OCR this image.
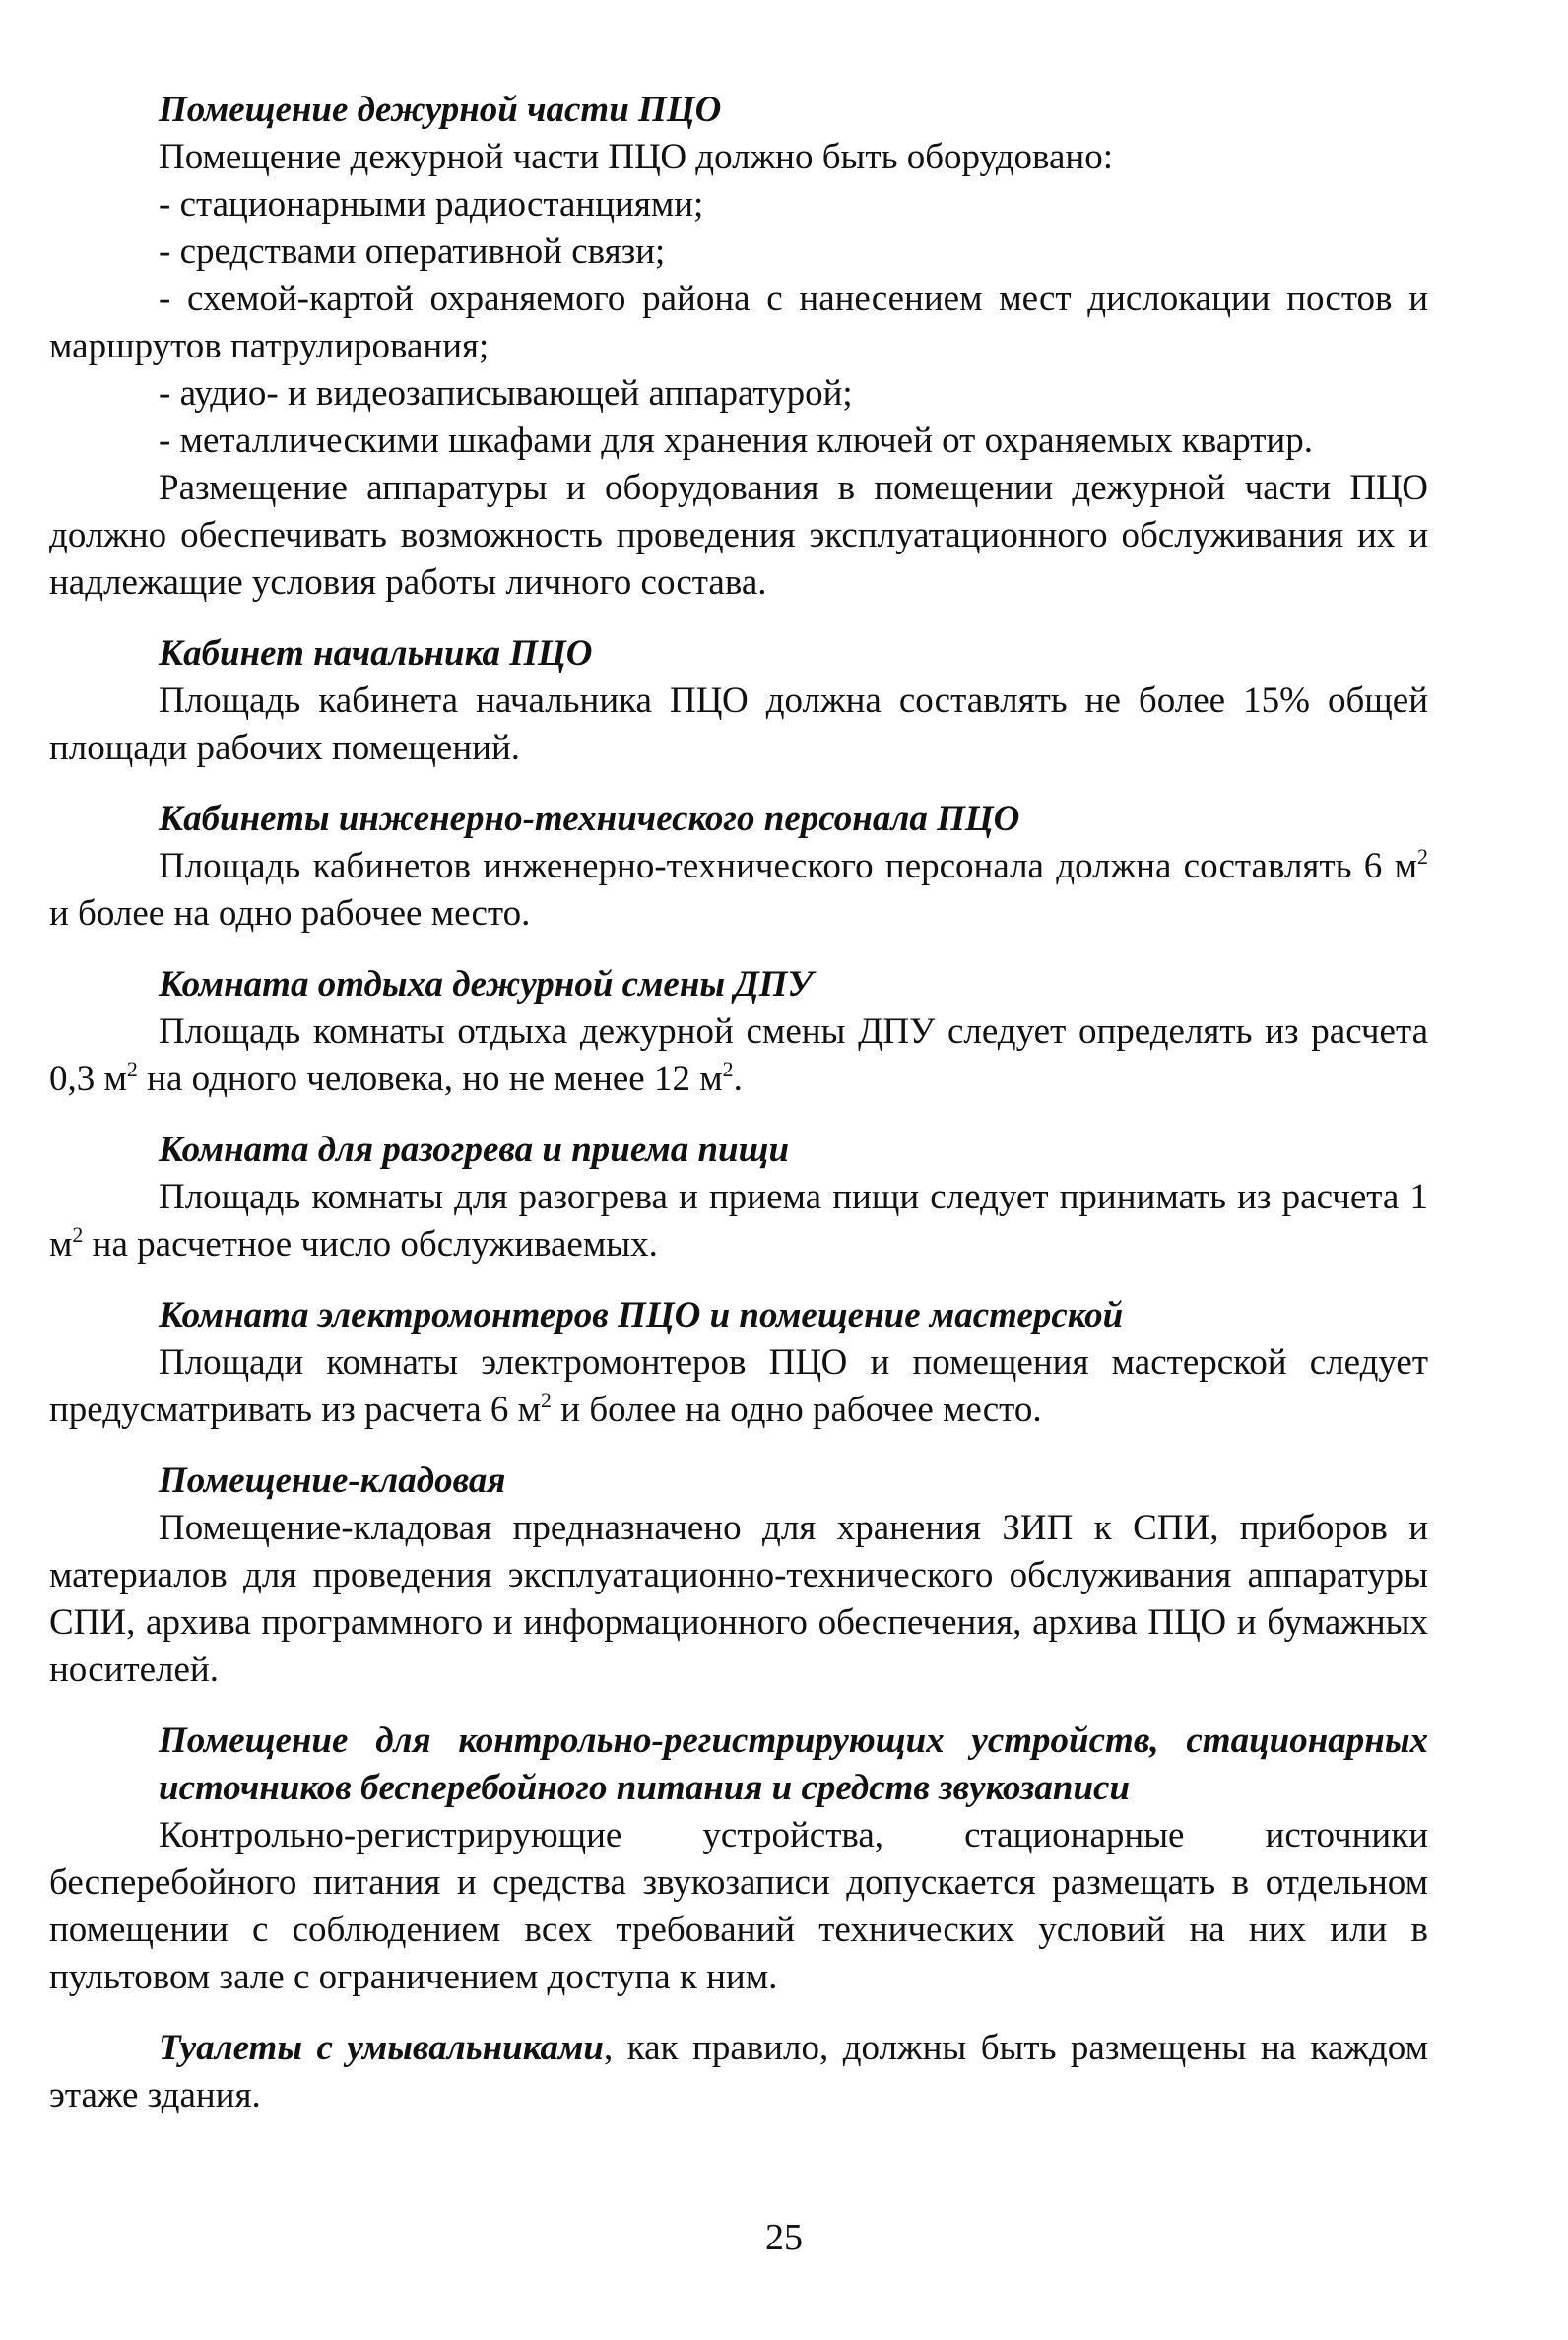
Помещение дежурной части ПЦО

Помещение дежурной части ПЦО должно быть оборудовано:

- стационарными радиостанциями;

- средствами оперативной связи;

- схемой-картой охраняемого района с нанесением мест дислокации постов и маршрутов патрулирования;

- аудио- и видеозаписывающей аппаратурой;

- металлическими шкафами для хранения ключей от охраняемых квартир.

Размещение аппаратуры и оборудования в помещении дежурной части ПЦО должно обеспечивать возможность проведения эксплуатационного обслуживания их и надлежащие условия работы личного состава.

Кабинет начальника ПЦО

Площадь кабинета начальника ПЦО должна составлять не более 15% общей площади рабочих помещений.

Кабинеты инженерно-технического персонала ПЦО

Площадь кабинетов инженерно-технического персонала должна составлять 6 $м^2$ и более на одно рабочее место.

Комната отдыха дежурной смены ДПУ

Площадь комнаты отдыха дежурной смены ДПУ следует определять из расчета 0,3 $м^2$ на одного человека, но не менее 12 $м^2$.

Комната для разогрева и приема пищи

Площадь комнаты для разогрева и приема пищи следует принимать из расчета 1 $м^2$ на расчетное число обслуживаемых.

Комната электромонтеров ПЦО и помещение мастерской

Площади комнаты электромонтеров ПЦО и помещения мастерской следует предусматривать из расчета 6 $м^2$ и более на одно рабочее место.

Помещение-кладовая

Помещение-кладовая предназначено для хранения ЗИП к СПИ, приборов и материалов для проведения эксплуатационно-технического обслуживания аппаратуры СПИ, архива программного и информационного обеспечения, архива ПЦО и бумажных носителей.

Помещение для контрольно-регистрирующих устройств, стационарных источников бесперебойного питания и средств звукозаписи

Контрольно-регистрирующие устройства, стационарные источники бесперебойного питания и средства звукозаписи допускается размещать в отдельном помещении с соблюдением всех требований технических условий на них или в пультовом зале с ограничением доступа к ним.

Туалеты с умывальниками, как правило, должны быть размещены на каждом этаже здания.

25
